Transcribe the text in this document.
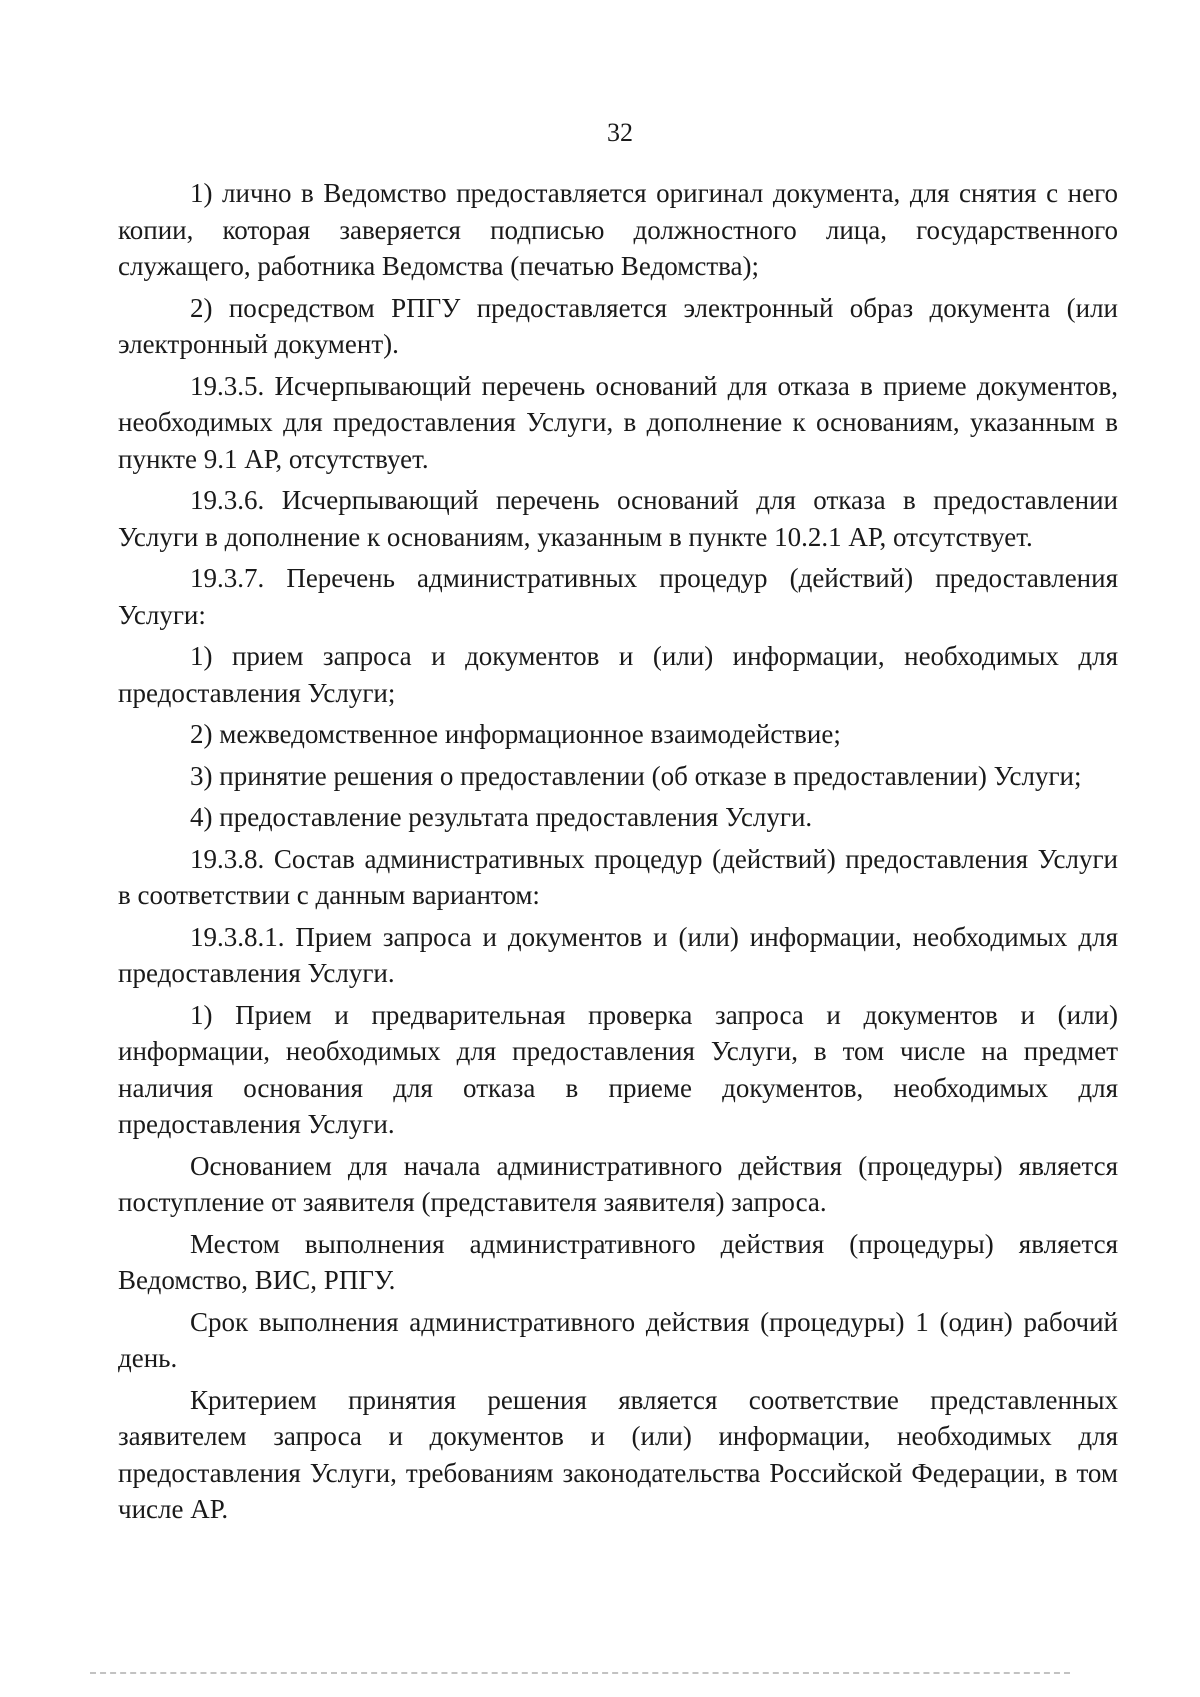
32

1) лично в Ведомство предоставляется оригинал документа, для снятия с него копии, которая заверяется подписью должностного лица, государственного служащего, работника Ведомства (печатью Ведомства);

2) посредством РПГУ предоставляется электронный образ документа (или электронный документ).

19.3.5. Исчерпывающий перечень оснований для отказа в приеме документов, необходимых для предоставления Услуги, в дополнение к основаниям, указанным в пункте 9.1 АР, отсутствует.

19.3.6. Исчерпывающий перечень оснований для отказа в предоставлении Услуги в дополнение к основаниям, указанным в пункте 10.2.1 АР, отсутствует.

19.3.7. Перечень административных процедур (действий) предоставления Услуги:

1) прием запроса и документов и (или) информации, необходимых для предоставления Услуги;

2) межведомственное информационное взаимодействие;

3) принятие решения о предоставлении (об отказе в предоставлении) Услуги;

4) предоставление результата предоставления Услуги.

19.3.8. Состав административных процедур (действий) предоставления Услуги в соответствии с данным вариантом:

19.3.8.1. Прием запроса и документов и (или) информации, необходимых для предоставления Услуги.

1) Прием и предварительная проверка запроса и документов и (или) информации, необходимых для предоставления Услуги, в том числе на предмет наличия основания для отказа в приеме документов, необходимых для предоставления Услуги.

Основанием для начала административного действия (процедуры) является поступление от заявителя (представителя заявителя) запроса.

Местом выполнения административного действия (процедуры) является Ведомство, ВИС, РПГУ.

Срок выполнения административного действия (процедуры) 1 (один) рабочий день.

Критерием принятия решения является соответствие представленных заявителем запроса и документов и (или) информации, необходимых для предоставления Услуги, требованиям законодательства Российской Федерации, в том числе АР.
